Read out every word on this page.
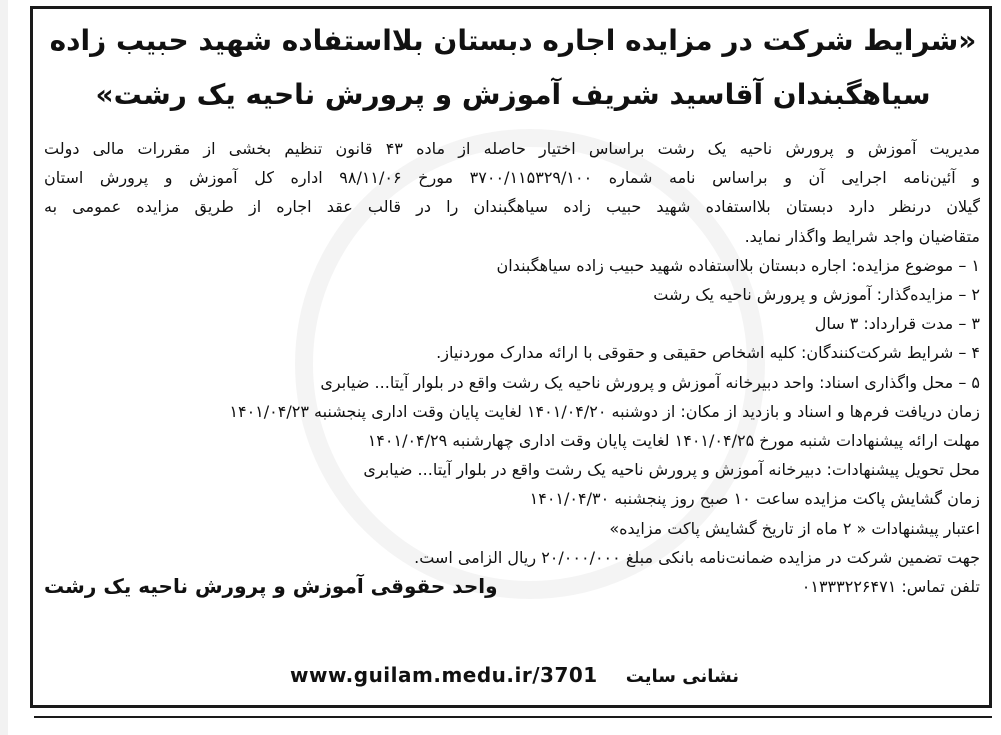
«شرایط شرکت در مزایده اجاره دبستان بلااستفاده شهید حبیب زاده
سیاهگبندان آقاسید شریف آموزش و پرورش ناحیه یک رشت»
مدیریت آموزش و پرورش ناحیه یک رشت براساس اختیار حاصله از ماده ۴۳ قانون تنظیم بخشی از مقررات مالی دولت
و آئین‌نامه اجرایی آن و براساس نامه شماره ۳۷۰۰/۱۱۵۳۲۹/۱۰۰ مورخ ۹۸/۱۱/۰۶ اداره کل آموزش و پرورش استان
گیلان درنظر دارد دبستان بلااستفاده شهید حبیب زاده سیاهگبندان را در قالب عقد اجاره از طریق مزایده عمومی به
متقاضیان واجد شرایط واگذار نماید.
۱ – موضوع مزایده: اجاره دبستان بلااستفاده شهید حبیب زاده سیاهگبندان
۲ – مزایده‌گذار: آموزش و پرورش ناحیه یک رشت
۳ – مدت قرارداد: ۳ سال
۴ – شرایط شرکت‌کنندگان: کلیه اشخاص حقیقی و حقوقی با ارائه مدارک موردنیاز.
۵ – محل واگذاری اسناد: واحد دبیرخانه آموزش و پرورش ناحیه یک رشت واقع در بلوار آیتا... ضیابری
زمان دریافت فرم‌ها و اسناد و بازدید از مکان: از دوشنبه ۱۴۰۱/۰۴/۲۰ لغایت پایان وقت اداری پنجشنبه ۱۴۰۱/۰۴/۲۳
مهلت ارائه پیشنهادات شنبه مورخ ۱۴۰۱/۰۴/۲۵ لغایت پایان وقت اداری چهارشنبه ۱۴۰۱/۰۴/۲۹
محل تحویل پیشنهادات: دبیرخانه آموزش و پرورش ناحیه یک رشت واقع در بلوار آیتا... ضیابری
زمان گشایش پاکت مزایده ساعت ۱۰ صبح روز پنجشنبه ۱۴۰۱/۰۴/۳۰
اعتبار پیشنهادات « ۲ ماه از تاریخ گشایش پاکت مزایده»
جهت تضمین شرکت در مزایده ضمانت‌نامه بانکی مبلغ ۲۰/۰۰۰/۰۰۰ ریال الزامی است.
تلفن تماس: ۰۱۳۳۳۲۲۶۴۷۱
واحد حقوقی آموزش و پرورش ناحیه یک رشت
نشانی سایت
www.guilam.medu.ir/3701
